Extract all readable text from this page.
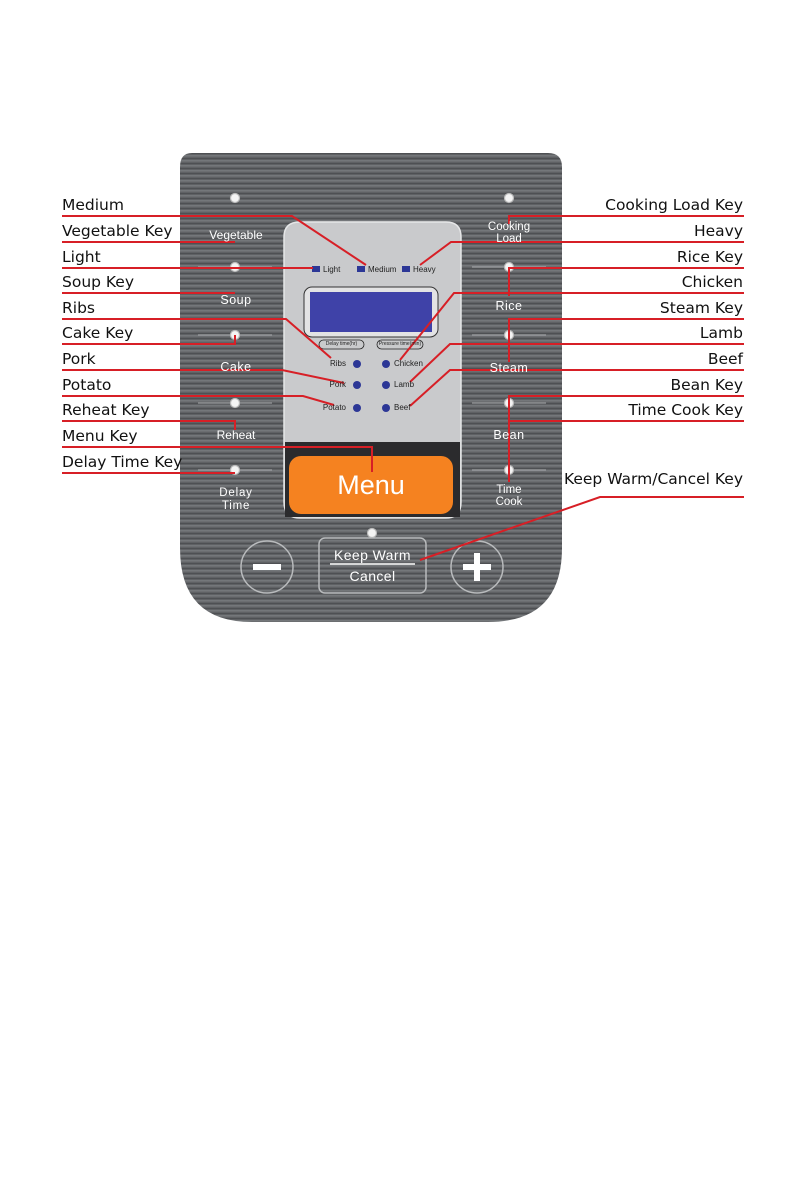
Medium
Vegetable Key
Light
Soup Key
Ribs
Cake Key
Pork
Potato
Reheat Key
Menu Key
Delay Time Key
Cooking Load Key
Heavy
Rice Key
Chicken
Steam Key
Lamb
Beef
Bean Key
Time Cook Key
Keep Warm/Cancel Key
Vegetable
Soup
Cake
Reheat
Delay
Time
Cooking
Load
Rice
Steam
Bean
Time
Cook
Light	Medium Heavy
Delay time(hr)	Pressure time(min)
Ribs
Pork
Potato
Chicken
Lamb
Beef
Menu
Keep Warm
Cancel
